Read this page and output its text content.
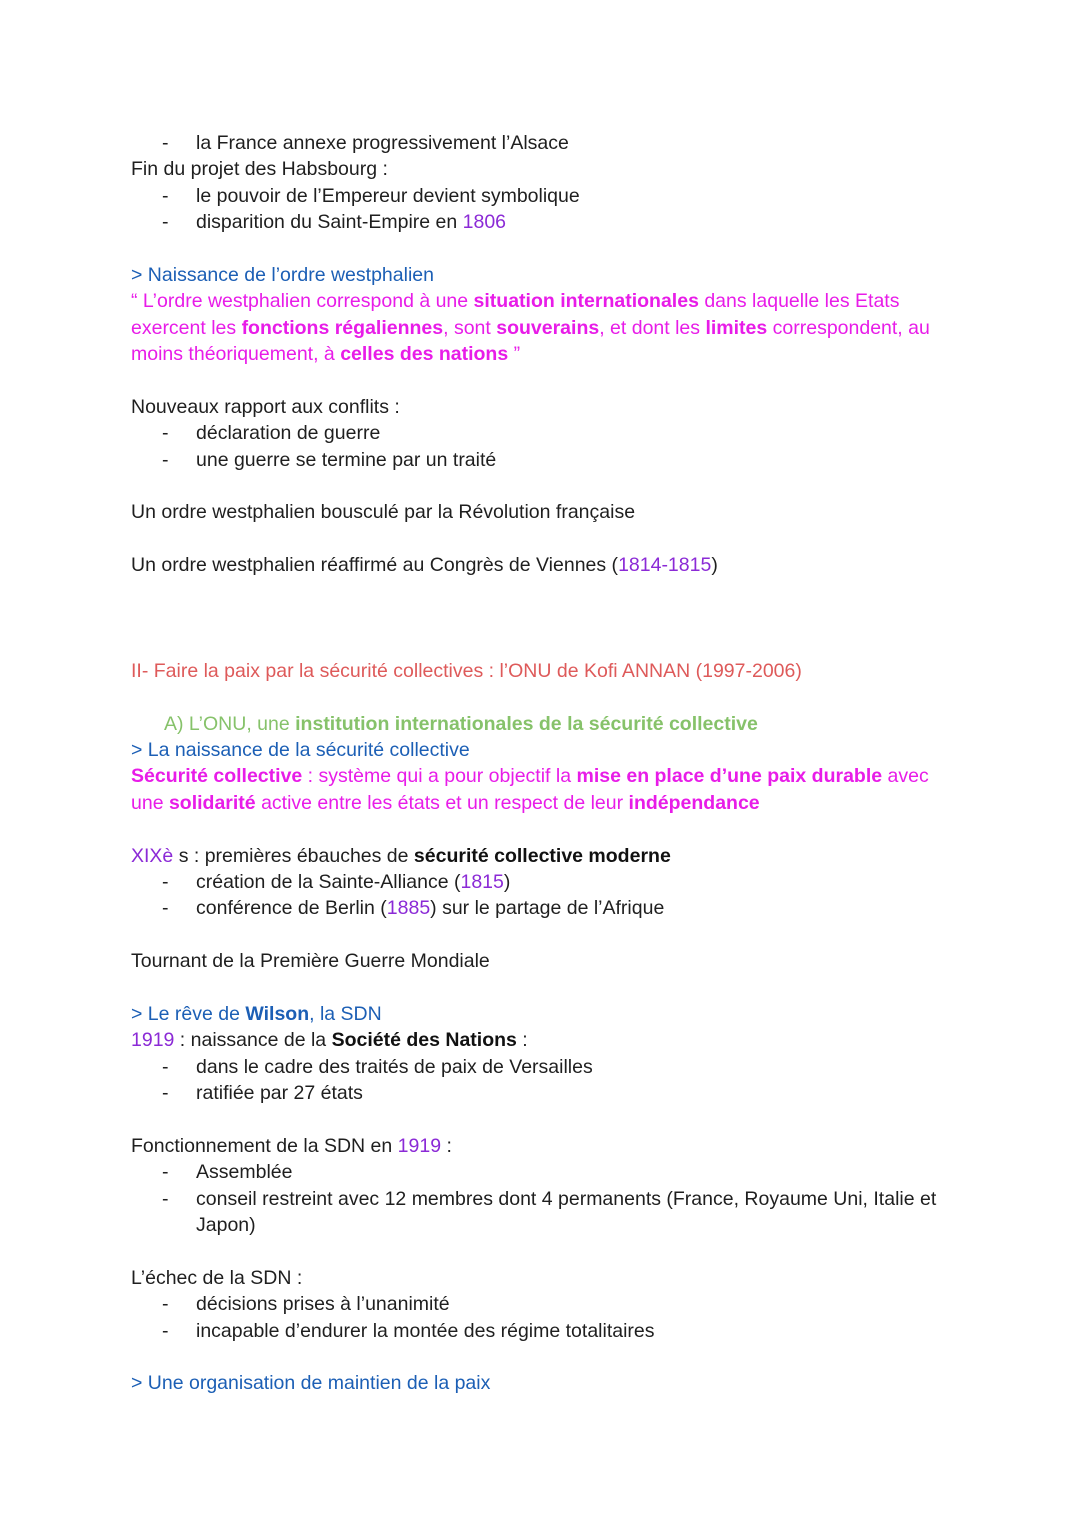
- la France annexe progressivement l’Alsace
Fin du projet des Habsbourg :
- le pouvoir de l’Empereur devient symbolique
- disparition du Saint-Empire en 1806
> Naissance de l’ordre westphalien
“ L’ordre westphalien correspond à une situation internationales dans laquelle les Etats
exercent les fonctions régaliennes, sont souverains, et dont les limites correspondent, au
moins théoriquement, à celles des nations ”
Nouveaux rapport aux conflits :
- déclaration de guerre
- une guerre se termine par un traité
Un ordre westphalien bousculé par la Révolution française
Un ordre westphalien réaffirmé au Congrès de Viennes (1814-1815)
II- Faire la paix par la sécurité collectives : l’ONU de Kofi ANNAN (1997-2006)
A) L’ONU, une institution internationales de la sécurité collective
> La naissance de la sécurité collective
Sécurité collective : système qui a pour objectif la mise en place d’une paix durable avec
une solidarité active entre les états et un respect de leur indépendance
XIXè s : premières ébauches de sécurité collective moderne
- création de la Sainte-Alliance (1815)
- conférence de Berlin (1885) sur le partage de l’Afrique
Tournant de la Première Guerre Mondiale
> Le rêve de Wilson, la SDN
1919 : naissance de la Société des Nations :
- dans le cadre des traités de paix de Versailles
- ratifiée par 27 états
Fonctionnement de la SDN en 1919 :
- Assemblée
- conseil restreint avec 12 membres dont 4 permanents (France, Royaume Uni, Italie et Japon)
L’échec de la SDN :
- décisions prises à l’unanimité
- incapable d’endurer la montée des régime totalitaires
> Une organisation de maintien de la paix
